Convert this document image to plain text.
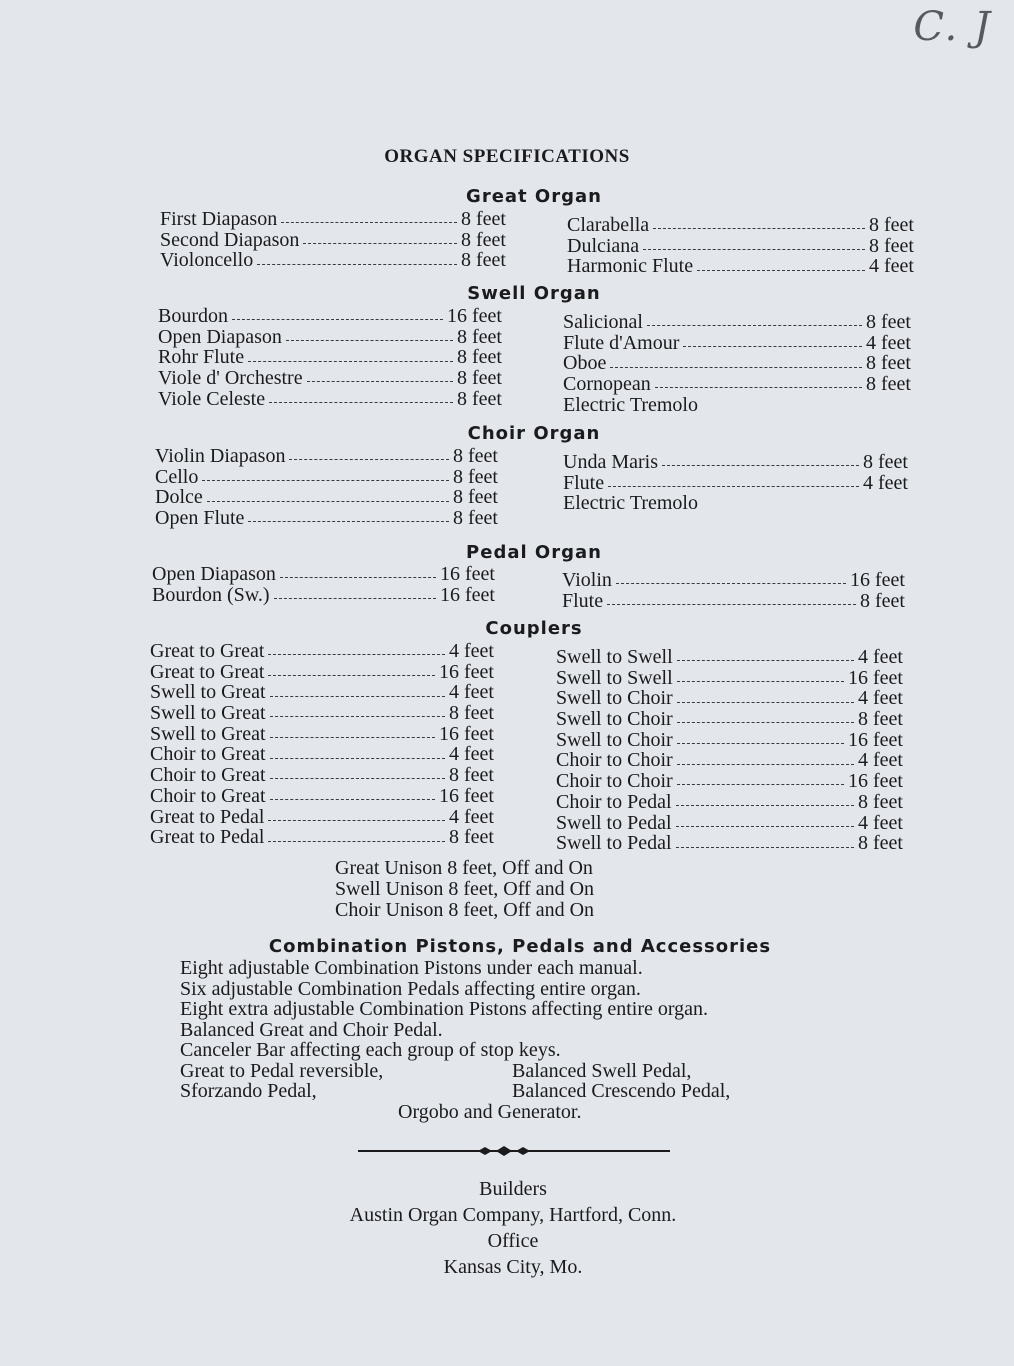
C. J
ORGAN SPECIFICATIONS
Great Organ
First Diapason	8 feet
Second Diapason	8 feet
Violoncello	8 feet
Clarabella	8 feet
Dulciana	8 feet
Harmonic Flute	4 feet
Swell Organ
Bourdon	16 feet
Open Diapason	8 feet
Rohr Flute	8 feet
Viole d' Orchestre	8 feet
Viole Celeste	8 feet
Salicional	8 feet
Flute d'Amour	4 feet
Oboe	8 feet
Cornopean	8 feet
Electric Tremolo
Choir Organ
Violin Diapason	8 feet
Cello	8 feet
Dolce	8 feet
Open Flute	8 feet
Unda Maris	8 feet
Flute	4 feet
Electric Tremolo
Pedal Organ
Open Diapason	16 feet
Bourdon (Sw.)	16 feet
Violin	16 feet
Flute	8 feet
Couplers
Great to Great	4 feet
Great to Great	16 feet
Swell to Great	4 feet
Swell to Great	8 feet
Swell to Great	16 feet
Choir to Great	4 feet
Choir to Great	8 feet
Choir to Great	16 feet
Great to Pedal	4 feet
Great to Pedal	8 feet
Swell to Swell	4 feet
Swell to Swell	16 feet
Swell to Choir	4 feet
Swell to Choir	8 feet
Swell to Choir	16 feet
Choir to Choir	4 feet
Choir to Choir	16 feet
Choir to Pedal	8 feet
Swell to Pedal	4 feet
Swell to Pedal	8 feet
Great Unison 8 feet, Off and On
Swell Unison 8 feet, Off and On
Choir Unison 8 feet, Off and On
Combination Pistons, Pedals and Accessories
Eight adjustable Combination Pistons under each manual.
Six adjustable Combination Pedals affecting entire organ.
Eight extra adjustable Combination Pistons affecting entire organ.
Balanced Great and Choir Pedal.
Canceler Bar affecting each group of stop keys.
Great to Pedal reversible,	Balanced Swell Pedal,
Sforzando Pedal,	Balanced Crescendo Pedal,
Orgobo and Generator.
Builders
Austin Organ Company, Hartford, Conn.
Office
Kansas City, Mo.
